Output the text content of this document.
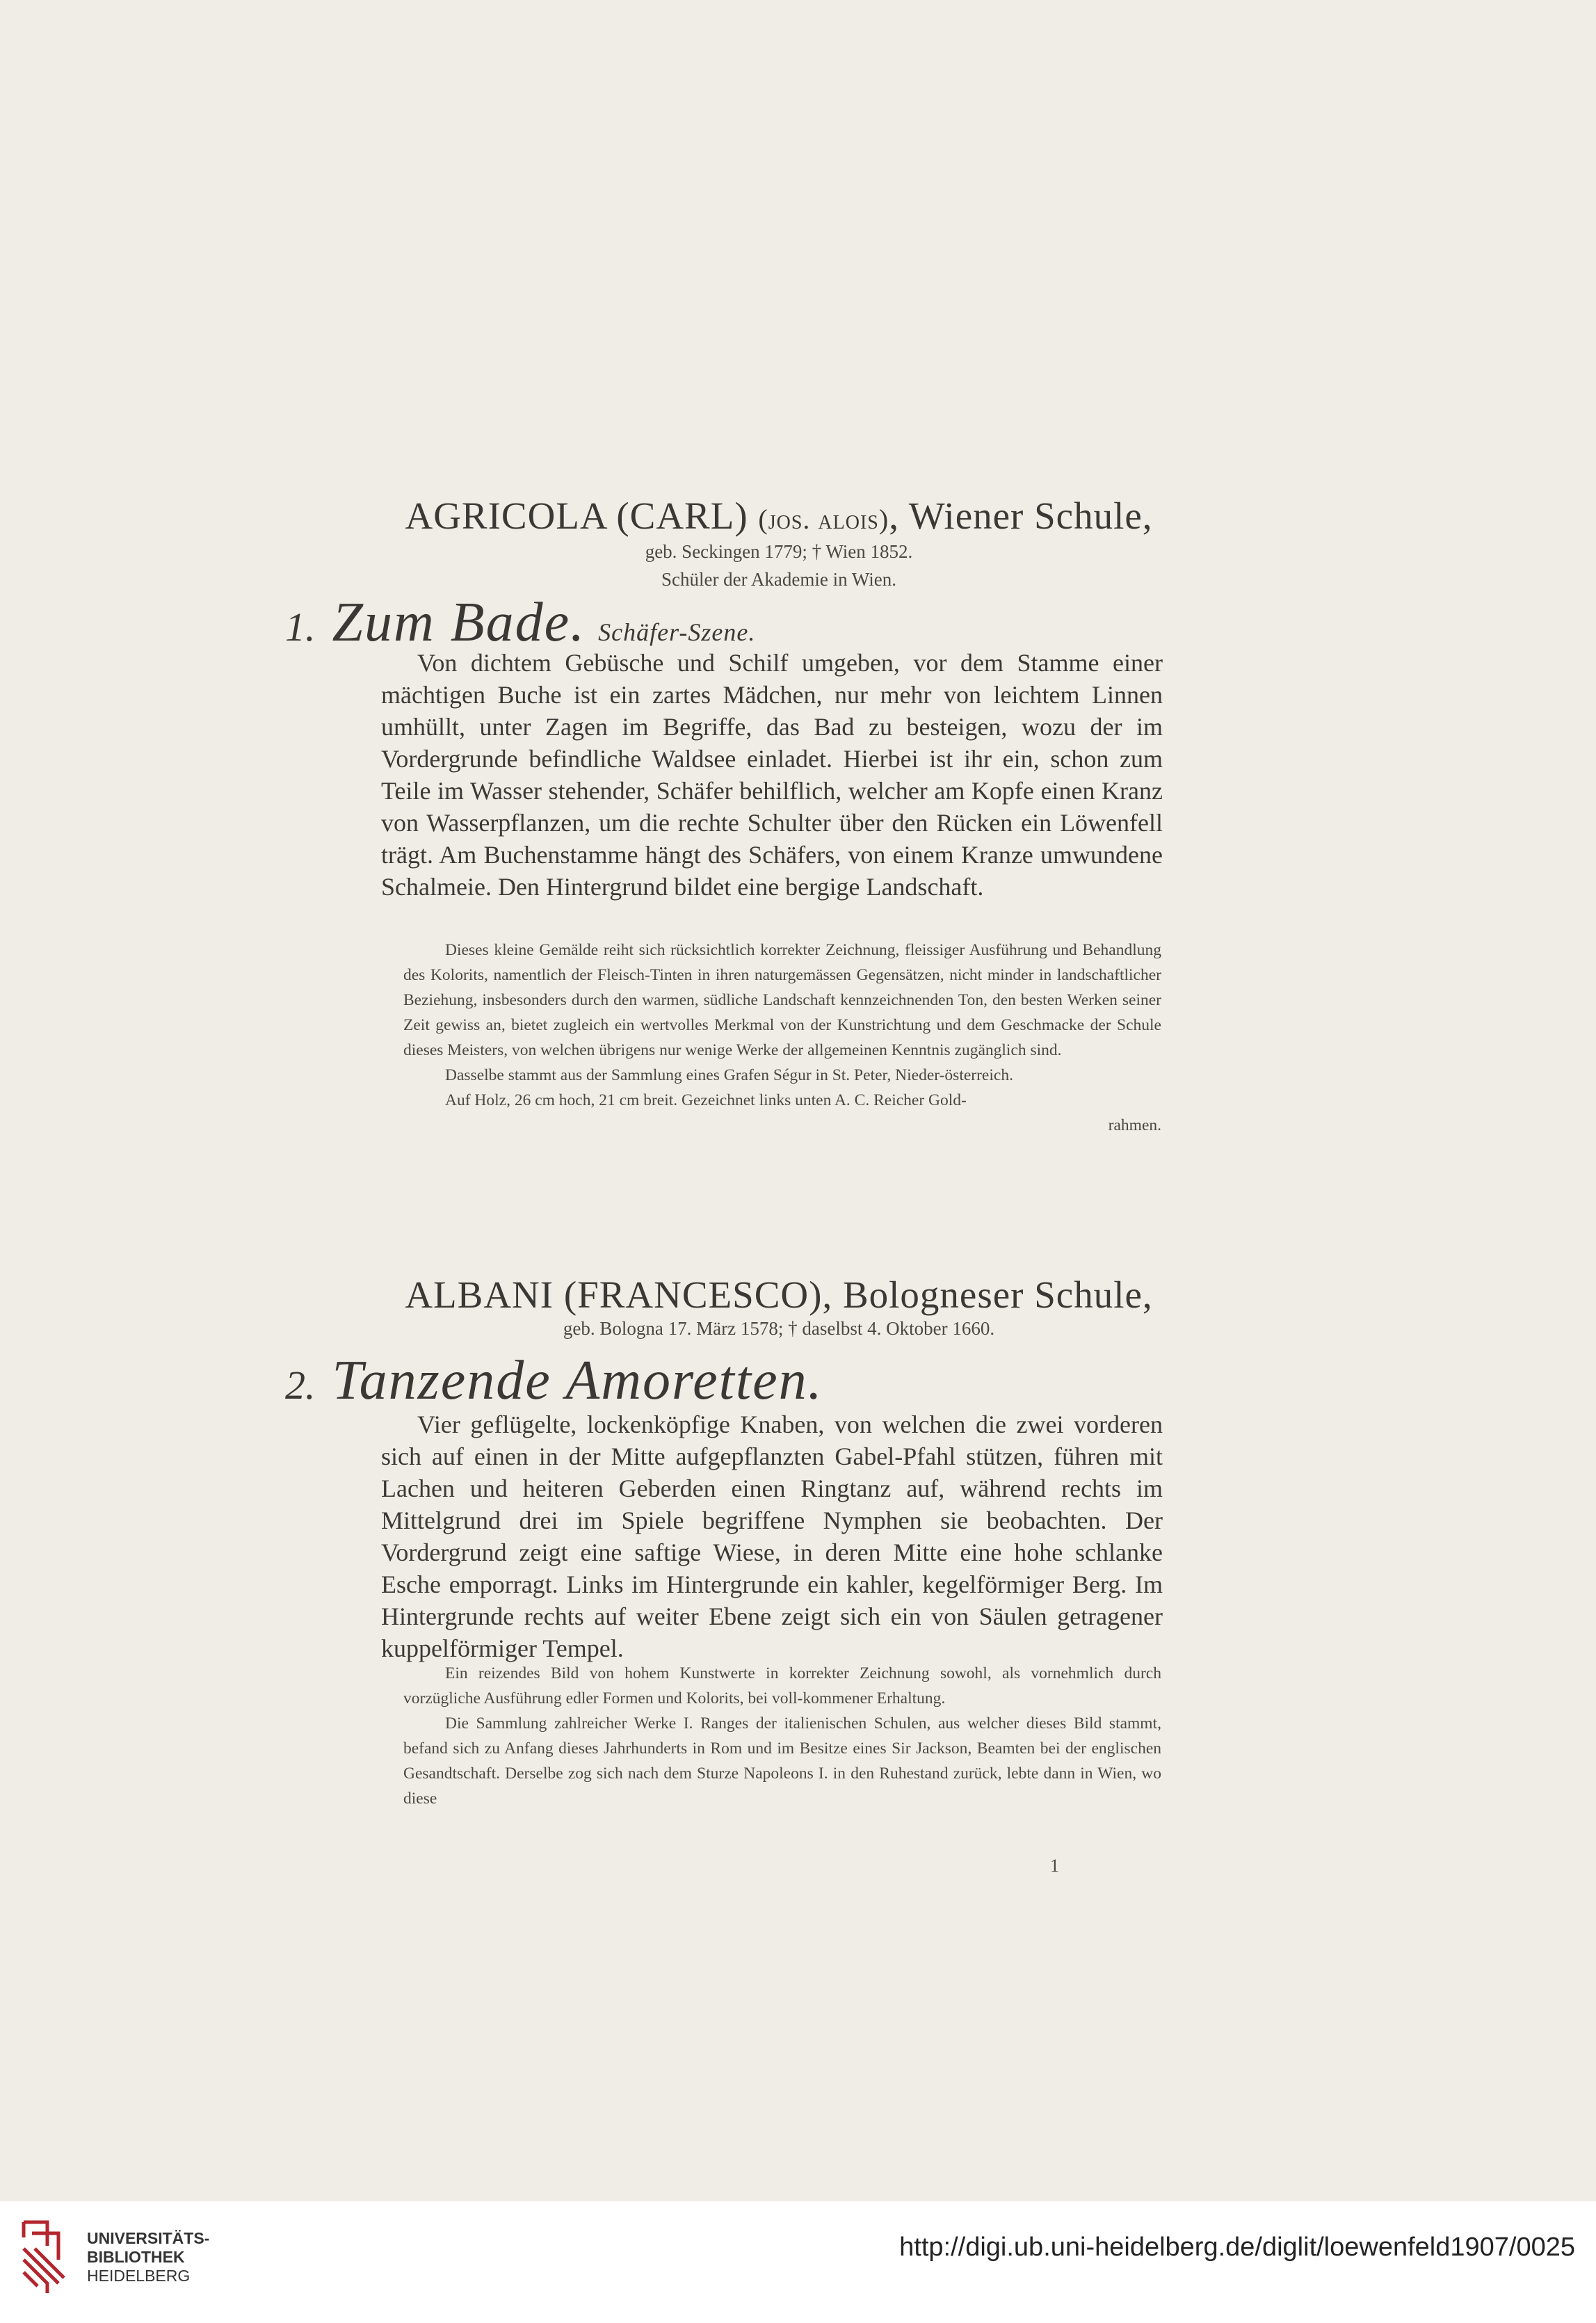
AGRICOLA (CARL) (jos. alois), Wiener Schule,
geb. Seckingen 1779; † Wien 1852.
Schüler der Akademie in Wien.
1. Zum Bade. Schäfer-Szene.

Von dichtem Gebüsche und Schilf umgeben, vor dem Stamme einer mächtigen Buche ist ein zartes Mädchen, nur mehr von leichtem Linnen umhüllt, unter Zagen im Begriffe, das Bad zu besteigen, wozu der im Vordergrunde befindliche Waldsee einladet. Hierbei ist ihr ein, schon zum Teile im Wasser stehender, Schäfer behilflich, welcher am Kopfe einen Kranz von Wasserpflanzen, um die rechte Schulter über den Rücken ein Löwenfell trägt. Am Buchenstamme hängt des Schäfers, von einem Kranze umwundene Schalmeie. Den Hintergrund bildet eine bergige Landschaft.

Dieses kleine Gemälde reiht sich rücksichtlich korrekter Zeichnung, fleissiger Ausführung und Behandlung des Kolorits, namentlich der Fleisch-Tinten in ihren naturgemässen Gegensätzen, nicht minder in landschaftlicher Beziehung, insbesonders durch den warmen, südliche Landschaft kennzeichnenden Ton, den besten Werken seiner Zeit gewiss an, bietet zugleich ein wertvolles Merkmal von der Kunstrichtung und dem Geschmacke der Schule dieses Meisters, von welchen übrigens nur wenige Werke der allgemeinen Kenntnis zugänglich sind.

Dasselbe stammt aus der Sammlung eines Grafen Ségur in St. Peter, Nieder-österreich.

Auf Holz, 26 cm hoch, 21 cm breit. Gezeichnet links unten A. C. Reicher Gold-

rahmen.

ALBANI (FRANCESCO), Bologneser Schule,
geb. Bologna 17. März 1578; † daselbst 4. Oktober 1660.
2. Tanzende Amoretten.

Vier geflügelte, lockenköpfige Knaben, von welchen die zwei vorderen sich auf einen in der Mitte aufgepflanzten Gabel-Pfahl stützen, führen mit Lachen und heiteren Geberden einen Ringtanz auf, während rechts im Mittelgrund drei im Spiele begriffene Nymphen sie beobachten. Der Vordergrund zeigt eine saftige Wiese, in deren Mitte eine hohe schlanke Esche emporragt. Links im Hintergrunde ein kahler, kegelförmiger Berg. Im Hintergrunde rechts auf weiter Ebene zeigt sich ein von Säulen getragener kuppelförmiger Tempel.

Ein reizendes Bild von hohem Kunstwerte in korrekter Zeichnung sowohl, als vornehmlich durch vorzügliche Ausführung edler Formen und Kolorits, bei voll-kommener Erhaltung.

Die Sammlung zahlreicher Werke I. Ranges der italienischen Schulen, aus welcher dieses Bild stammt, befand sich zu Anfang dieses Jahrhunderts in Rom und im Besitze eines Sir Jackson, Beamten bei der englischen Gesandtschaft. Derselbe zog sich nach dem Sturze Napoleons I. in den Ruhestand zurück, lebte dann in Wien, wo diese

1
UNIVERSITÄTS-
BIBLIOTHEK
HEIDELBERG
http://digi.ub.uni-heidelberg.de/diglit/loewenfeld1907/0025
